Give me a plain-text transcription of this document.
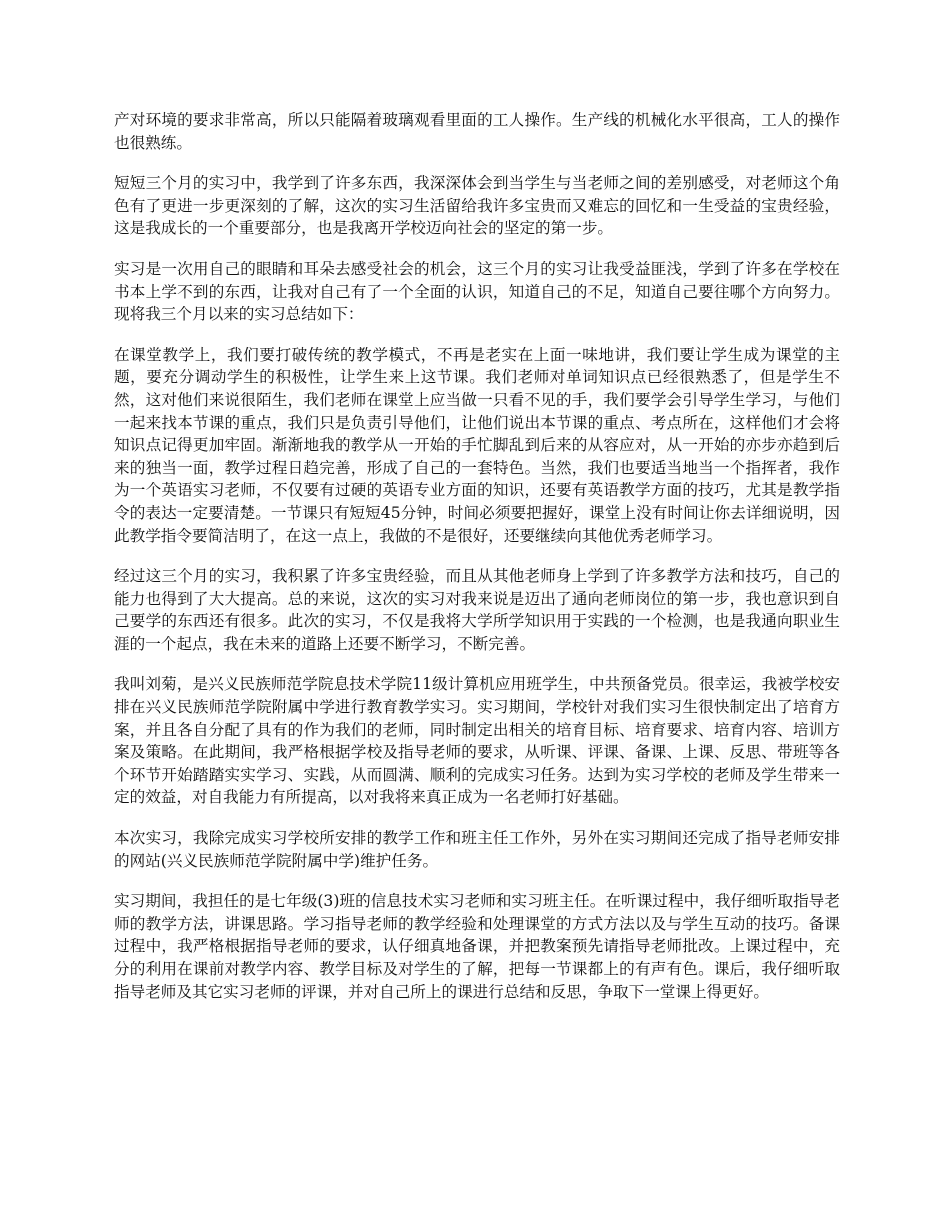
产对环境的要求非常高，所以只能隔着玻璃观看里面的工人操作。生产线的机械化水平很高，工人的操作也很熟练。

短短三个月的实习中，我学到了许多东西，我深深体会到当学生与当老师之间的差别感受，对老师这个角色有了更进一步更深刻的了解，这次的实习生活留给我许多宝贵而又难忘的回忆和一生受益的宝贵经验，这是我成长的一个重要部分，也是我离开学校迈向社会的坚定的第一步。

实习是一次用自己的眼睛和耳朵去感受社会的机会，这三个月的实习让我受益匪浅，学到了许多在学校在书本上学不到的东西，让我对自己有了一个全面的认识，知道自己的不足，知道自己要往哪个方向努力。现将我三个月以来的实习总结如下：

在课堂教学上，我们要打破传统的教学模式，不再是老实在上面一味地讲，我们要让学生成为课堂的主题，要充分调动学生的积极性，让学生来上这节课。我们老师对单词知识点已经很熟悉了，但是学生不然，这对他们来说很陌生，我们老师在课堂上应当做一只看不见的手，我们要学会引导学生学习，与他们一起来找本节课的重点，我们只是负责引导他们，让他们说出本节课的重点、考点所在，这样他们才会将知识点记得更加牢固。渐渐地我的教学从一开始的手忙脚乱到后来的从容应对，从一开始的亦步亦趋到后来的独当一面，教学过程日趋完善，形成了自己的一套特色。当然，我们也要适当地当一个指挥者，我作为一个英语实习老师，不仅要有过硬的英语专业方面的知识，还要有英语教学方面的技巧，尤其是教学指令的表达一定要清楚。一节课只有短短45分钟，时间必须要把握好，课堂上没有时间让你去详细说明，因此教学指令要简洁明了，在这一点上，我做的不是很好，还要继续向其他优秀老师学习。

经过这三个月的实习，我积累了许多宝贵经验，而且从其他老师身上学到了许多教学方法和技巧，自己的能力也得到了大大提高。总的来说，这次的实习对我来说是迈出了通向老师岗位的第一步，我也意识到自己要学的东西还有很多。此次的实习，不仅是我将大学所学知识用于实践的一个检测，也是我通向职业生涯的一个起点，我在未来的道路上还要不断学习，不断完善。

我叫刘菊，是兴义民族师范学院息技术学院11级计算机应用班学生，中共预备党员。很幸运，我被学校安排在兴义民族师范学院附属中学进行教育教学实习。实习期间，学校针对我们实习生很快制定出了培育方案，并且各自分配了具有的作为我们的老师，同时制定出相关的培育目标、培育要求、培育内容、培训方案及策略。在此期间，我严格根据学校及指导老师的要求，从听课、评课、备课、上课、反思、带班等各个环节开始踏踏实实学习、实践，从而圆满、顺利的完成实习任务。达到为实习学校的老师及学生带来一定的效益，对自我能力有所提高，以对我将来真正成为一名老师打好基础。

本次实习，我除完成实习学校所安排的教学工作和班主任工作外，另外在实习期间还完成了指导老师安排的网站(兴义民族师范学院附属中学)维护任务。

实习期间，我担任的是七年级(3)班的信息技术实习老师和实习班主任。在听课过程中，我仔细听取指导老师的教学方法，讲课思路。学习指导老师的教学经验和处理课堂的方式方法以及与学生互动的技巧。备课过程中，我严格根据指导老师的要求，认仔细真地备课，并把教案预先请指导老师批改。上课过程中，充分的利用在课前对教学内容、教学目标及对学生的了解，把每一节课都上的有声有色。课后，我仔细听取指导老师及其它实习老师的评课，并对自己所上的课进行总结和反思，争取下一堂课上得更好。
